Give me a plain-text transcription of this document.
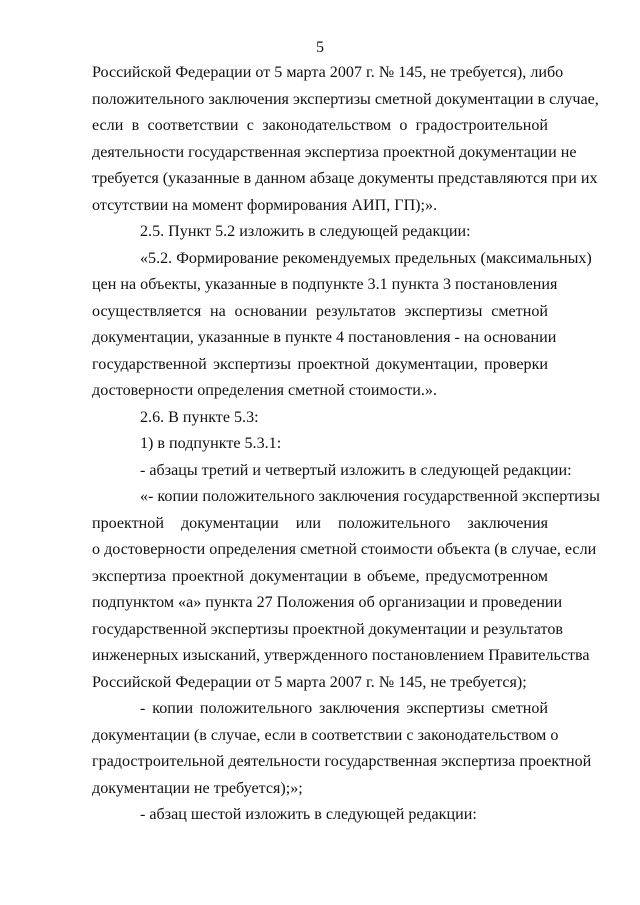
5
Российской Федерации от 5 марта 2007 г. № 145, не требуется), либо
положительного заключения экспертизы сметной документации в случае,
если в соответствии с законодательством о градостроительной
деятельности государственная экспертиза проектной документации не
требуется (указанные в данном абзаце документы представляются при их
отсутствии на момент формирования АИП, ГП);».
2.5. Пункт 5.2 изложить в следующей редакции:
«5.2. Формирование рекомендуемых предельных (максимальных)
цен на объекты, указанные в подпункте 3.1 пункта 3 постановления
осуществляется на основании результатов экспертизы сметной
документации, указанные в пункте 4 постановления - на основании
государственной экспертизы проектной документации, проверки
достоверности определения сметной стоимости.».
2.6. В пункте 5.3:
1) в подпункте 5.3.1:
- абзацы третий и четвертый изложить в следующей редакции:
«- копии положительного заключения государственной экспертизы
проектной документации или положительного заключения
о достоверности определения сметной стоимости объекта (в случае, если
экспертиза проектной документации в объеме, предусмотренном
подпунктом «а» пункта 27 Положения об организации и проведении
государственной экспертизы проектной документации и результатов
инженерных изысканий, утвержденного постановлением Правительства
Российской Федерации от 5 марта 2007 г. № 145, не требуется);
- копии положительного заключения экспертизы сметной
документации (в случае, если в соответствии с законодательством о
градостроительной деятельности государственная экспертиза проектной
документации не требуется);»;
- абзац шестой изложить в следующей редакции:
